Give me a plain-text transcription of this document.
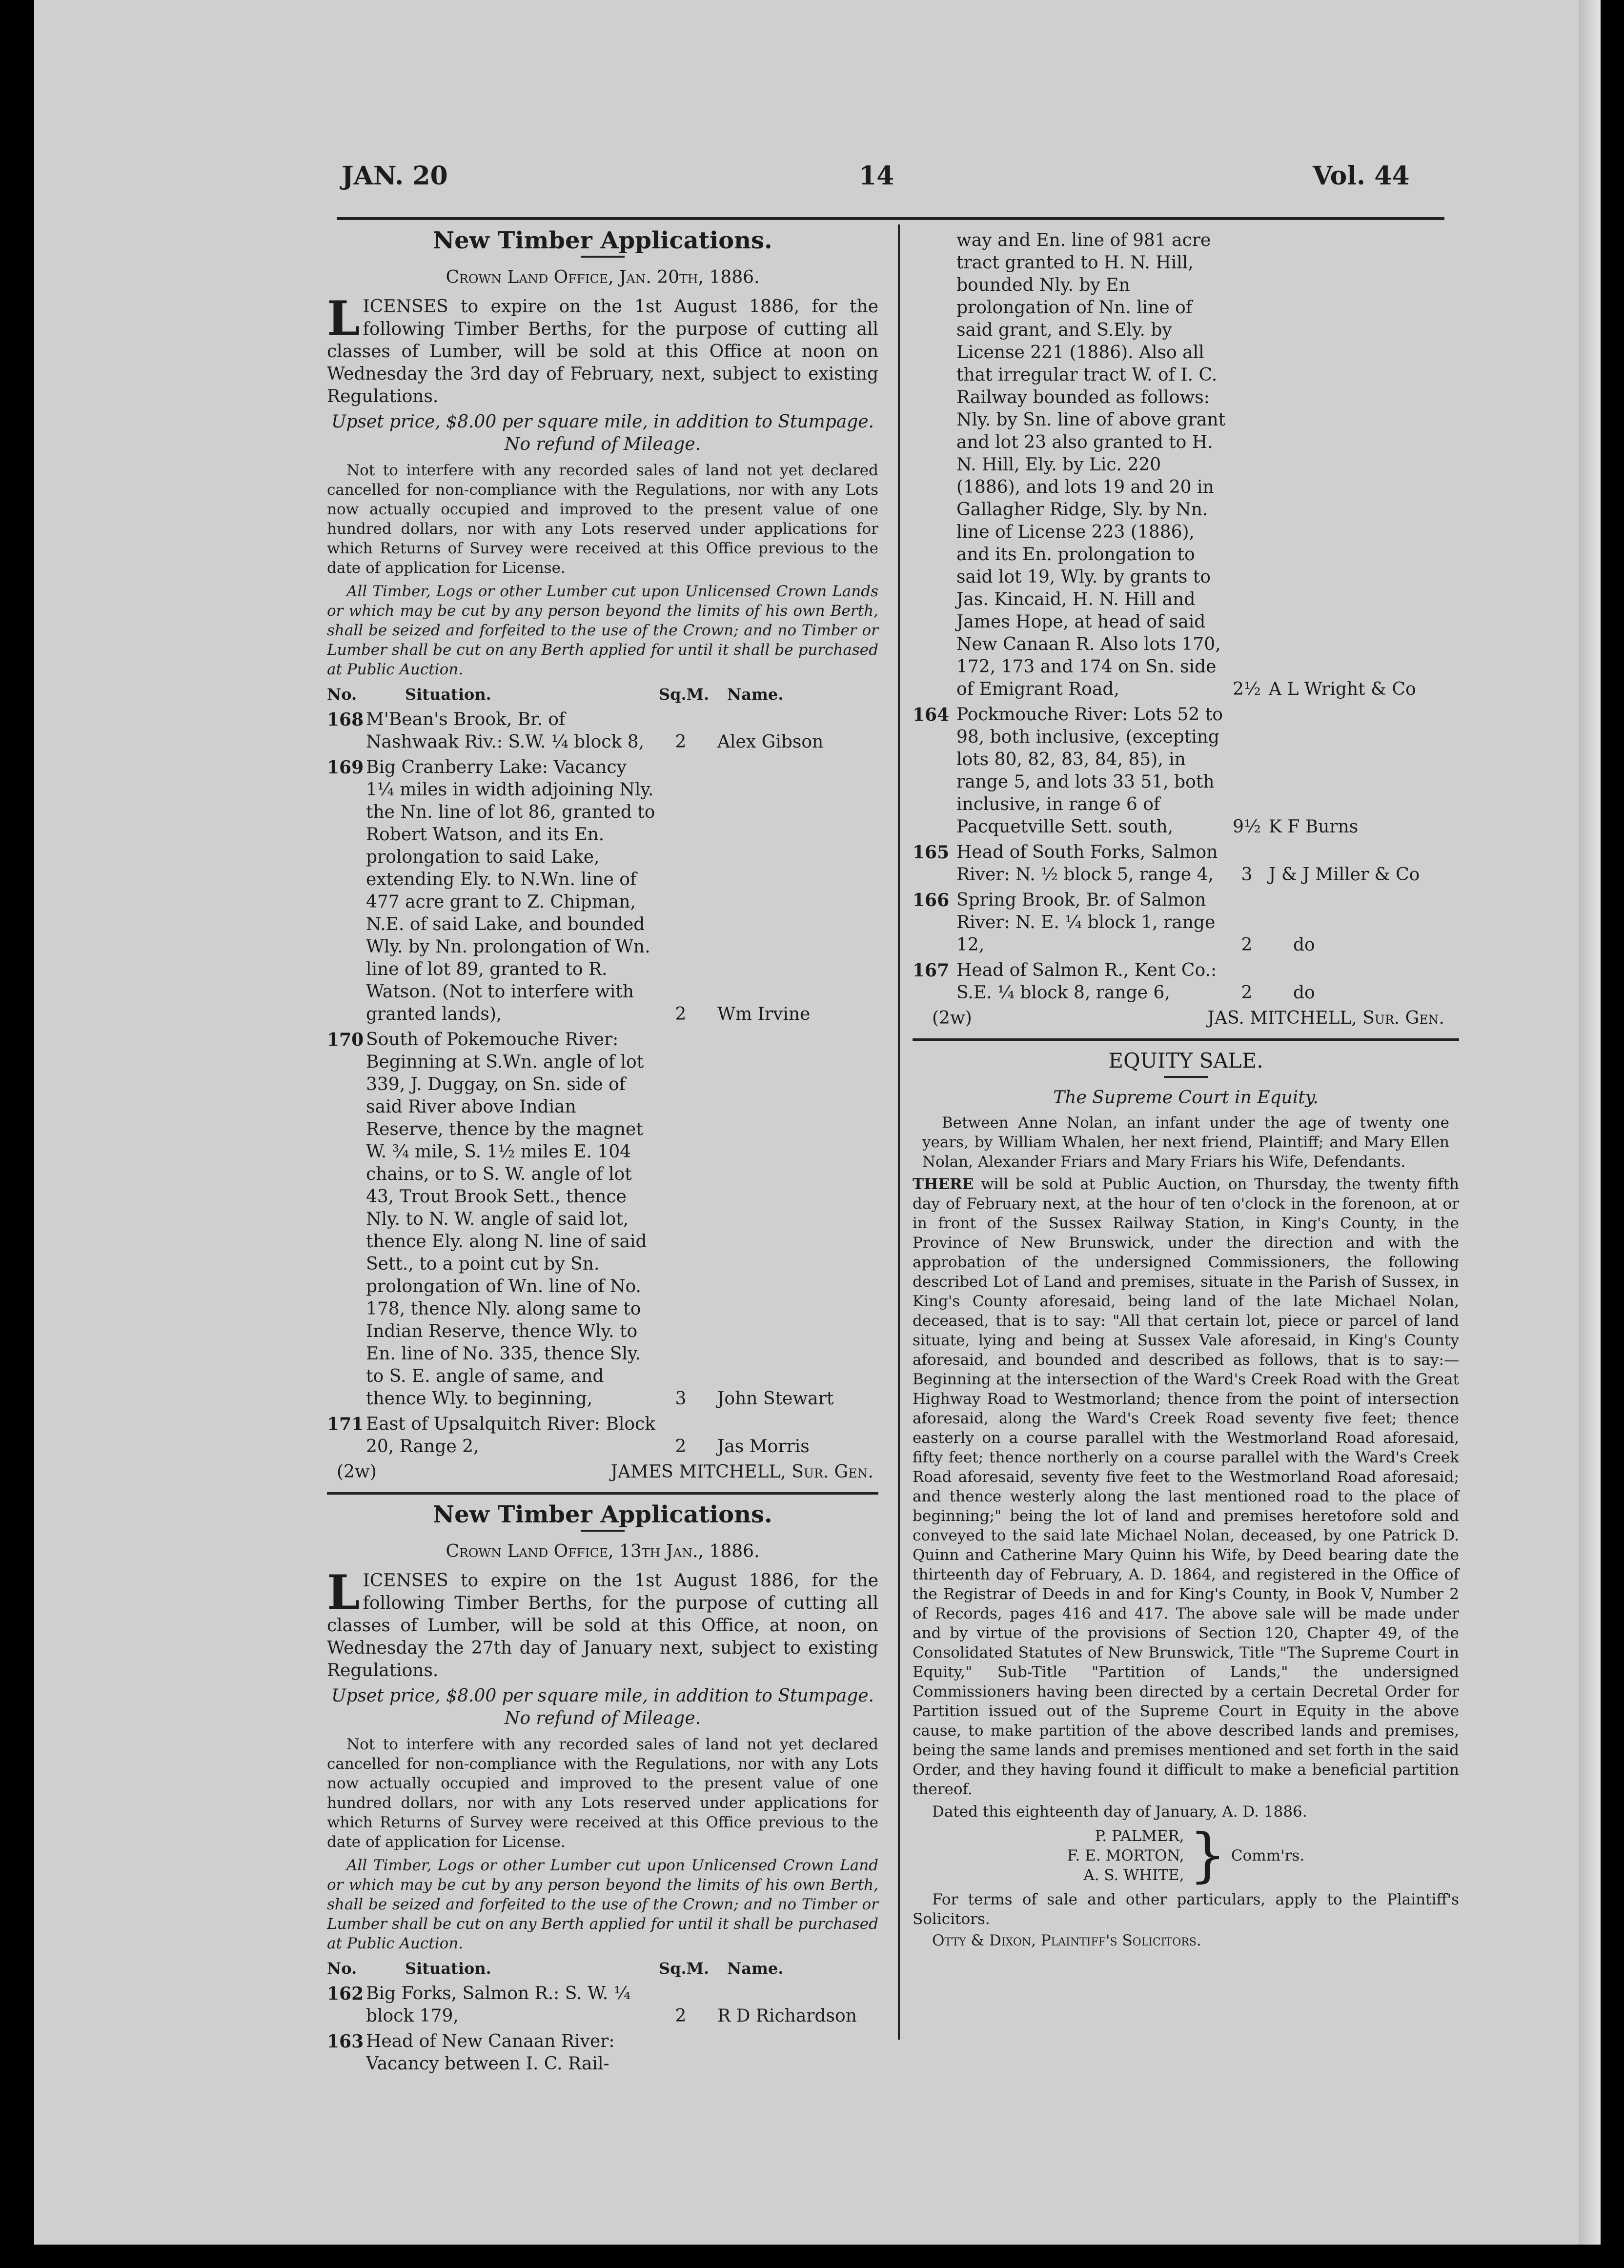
JAN. 20	14	Vol. 44

New Timber Applications.

Crown Land Office, Jan. 20th, 1886.

L ICENSES to expire on the 1st August 1886, for the following Timber Berths, for the purpose of cutting all classes of Lumber, will be sold at this Office at noon on Wednesday the 3rd day of February, next, subject to existing Regulations.

Upset price, $8.00 per square mile, in addition to Stumpage.

No refund of Mileage.

Not to interfere with any recorded sales of land not yet declared cancelled for non-compliance with the Regulations, nor with any Lots now actually occupied and improved to the present value of one hundred dollars, nor with any Lots reserved under applications for which Returns of Survey were received at this Office previous to the date of application for License.

All Timber, Logs or other Lumber cut upon Unlicensed Crown Lands or which may be cut by any person beyond the limits of his own Berth, shall be seized and forfeited to the use of the Crown; and no Timber or Lumber shall be cut on any Berth applied for until it shall be purchased at Public Auction.

No.	Situation.	Sq.M.	Name.
168 M'Bean's Brook, Br. of Nashwaak Riv.: S.W. ¼ block 8,	2	Alex Gibson
169 Big Cranberry Lake: Vacancy 1¼ miles in width adjoining Nly. the Nn. line of lot 86, granted to Robert Watson, and its En. prolongation to said Lake, extending Ely. to N.Wn. line of 477 acre grant to Z. Chipman, N.E. of said Lake, and bounded Wly. by Nn. prolongation of Wn. line of lot 89, granted to R. Watson. (Not to interfere with granted lands),	2	Wm Irvine
170 South of Pokemouche River: Beginning at S.Wn. angle of lot 339, J. Duggay, on Sn. side of said River above Indian Reserve, thence by the magnet W. ¾ mile, S. 1½ miles E. 104 chains, or to S. W. angle of lot 43, Trout Brook Sett., thence Nly. to N. W. angle of said lot, thence Ely. along N. line of said Sett., to a point cut by Sn. prolongation of Wn. line of No. 178, thence Nly. along same to Indian Reserve, thence Wly. to En. line of No. 335, thence Sly. to S. E. angle of same, and thence Wly. to beginning,	3	John Stewart
171 East of Upsalquitch River: Block 20, Range 2,	2	Jas Morris
(2w)	JAMES MITCHELL, Sur. Gen.

New Timber Applications.

Crown Land Office, 13th Jan., 1886.

L ICENSES to expire on the 1st August 1886, for the following Timber Berths, for the purpose of cutting all classes of Lumber, will be sold at this Office, at noon, on Wednesday the 27th day of January next, subject to existing Regulations.

Upset price, $8.00 per square mile, in addition to Stumpage.

No refund of Mileage.

Not to interfere with any recorded sales of land not yet declared cancelled for non-compliance with the Regulations, nor with any Lots now actually occupied and improved to the present value of one hundred dollars, nor with any Lots reserved under applications for which Returns of Survey were received at this Office previous to the date of application for License.

All Timber, Logs or other Lumber cut upon Unlicensed Crown Land or which may be cut by any person beyond the limits of his own Berth, shall be seized and forfeited to the use of the Crown; and no Timber or Lumber shall be cut on any Berth applied for until it shall be purchased at Public Auction.

No.	Situation.	Sq.M.	Name.
162 Big Forks, Salmon R.: S. W. ¼ block 179,	2	R D Richardson
163 Head of New Canaan River: Vacancy between I. C. Rail-
way and En. line of 981 acre tract granted to H. N. Hill, bounded Nly. by En prolongation of Nn. line of said grant, and S.Ely. by License 221 (1886). Also all that irregular tract W. of I. C. Railway bounded as follows: Nly. by Sn. line of above grant and lot 23 also granted to H. N. Hill, Ely. by Lic. 220 (1886), and lots 19 and 20 in Gallagher Ridge, Sly. by Nn. line of License 223 (1886), and its En. prolongation to said lot 19, Wly. by grants to Jas. Kincaid, H. N. Hill and James Hope, at head of said New Canaan R. Also lots 170, 172, 173 and 174 on Sn. side of Emigrant Road,	2½ A L Wright & Co
164 Pockmouche River: Lots 52 to 98, both inclusive, (excepting lots 80, 82, 83, 84, 85), in range 5, and lots 33 51, both inclusive, in range 6 of Pacquetville Sett. south,	9½ K F Burns
165 Head of South Forks, Salmon River: N. ½ block 5, range 4,	3 J & J Miller & Co
166 Spring Brook, Br. of Salmon River: N. E. ¼ block 1, range 12,	2	do
167 Head of Salmon R., Kent Co.: S.E. ¼ block 8, range 6,	2	do
(2w)	JAS. MITCHELL, Sur. Gen.

EQUITY SALE.

The Supreme Court in Equity.

Between Anne Nolan, an infant under the age of twenty one years, by William Whalen, her next friend, Plaintiff; and Mary Ellen Nolan, Alexander Friars and Mary Friars his Wife, Defendants.

THERE will be sold at Public Auction, on Thursday, the twenty fifth day of February next, at the hour of ten o'clock in the forenoon, at or in front of the Sussex Railway Station, in King's County, in the Province of New Brunswick, under the direction and with the approbation of the undersigned Commissioners, the following described Lot of Land and premises, situate in the Parish of Sussex, in King's County aforesaid, being land of the late Michael Nolan, deceased, that is to say: "All that certain lot, piece or parcel of land situate, lying and being at Sussex Vale aforesaid, in King's County aforesaid, and bounded and described as follows, that is to say:—Beginning at the intersection of the Ward's Creek Road with the Great Highway Road to Westmorland; thence from the point of intersection aforesaid, along the Ward's Creek Road seventy five feet; thence easterly on a course parallel with the Westmorland Road aforesaid, fifty feet; thence northerly on a course parallel with the Ward's Creek Road aforesaid, seventy five feet to the Westmorland Road aforesaid; and thence westerly along the last mentioned road to the place of beginning;" being the lot of land and premises heretofore sold and conveyed to the said late Michael Nolan, deceased, by one Patrick D. Quinn and Catherine Mary Quinn his Wife, by Deed bearing date the thirteenth day of February, A. D. 1864, and registered in the Office of the Registrar of Deeds in and for King's County, in Book V, Number 2 of Records, pages 416 and 417. The above sale will be made under and by virtue of the provisions of Section 120, Chapter 49, of the Consolidated Statutes of New Brunswick, Title "The Supreme Court in Equity," Sub-Title "Partition of Lands," the undersigned Commissioners having been directed by a certain Decretal Order for Partition issued out of the Supreme Court in Equity in the above cause, to make partition of the above described lands and premises, being the same lands and premises mentioned and set forth in the said Order, and they having found it difficult to make a beneficial partition thereof.

Dated this eighteenth day of January, A. D. 1886.

P. PALMER,
F. E. MORTON,
A. S. WHITE, } Comm'rs.

For terms of sale and other particulars, apply to the Plaintiff's Solicitors.

Otty & Dixon, Plaintiff's Solicitors.
